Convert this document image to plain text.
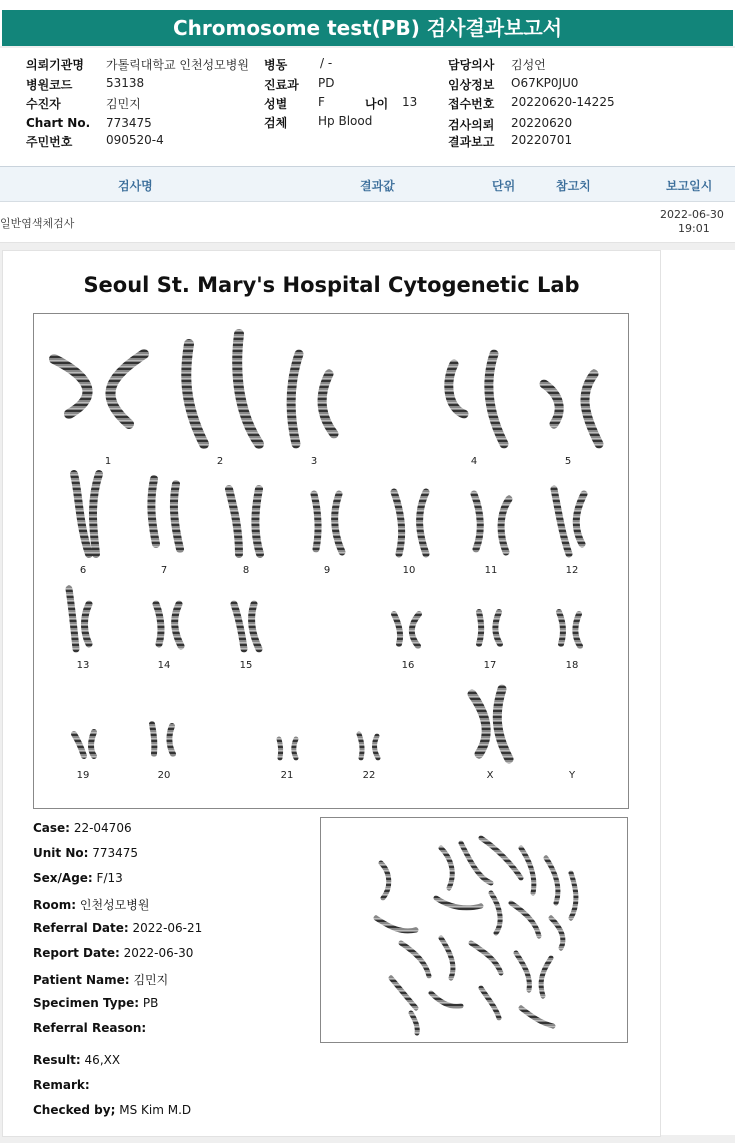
Chromosome test(PB) 검사결과보고서
의뢰기관명 가톨릭대학교 인천성모병원
병원코드	53138
수진자	김민지
Chart No. 773475
주민번호	090520-4
병동	/ -
진료과 PD
성별	F	나이 13
검체	Hp Blood
담당의사 김성언
임상정보 O67KP0JU0
접수번호 20220620-14225
검사의뢰 20220620
결과보고 20220701
검사명	결과값	단위	참고치	보고일시
일반염색체검사
2022-06-30
19:01
Seoul St. Mary's Hospital Cytogenetic Lab
1	2	3	4	5
6	7	8	9	10	11	12
13	14	15	16	17	18
19	20	21	22	X	Y
Case: 22-04706
Unit No: 773475
Sex/Age: F/13
Room: 인천성모병원
Referral Date: 2022-06-21
Report Date: 2022-06-30
Patient Name: 김민지
Specimen Type: PB
Referral Reason:
Result: 46,XX
Remark:
Checked by; MS Kim M.D
